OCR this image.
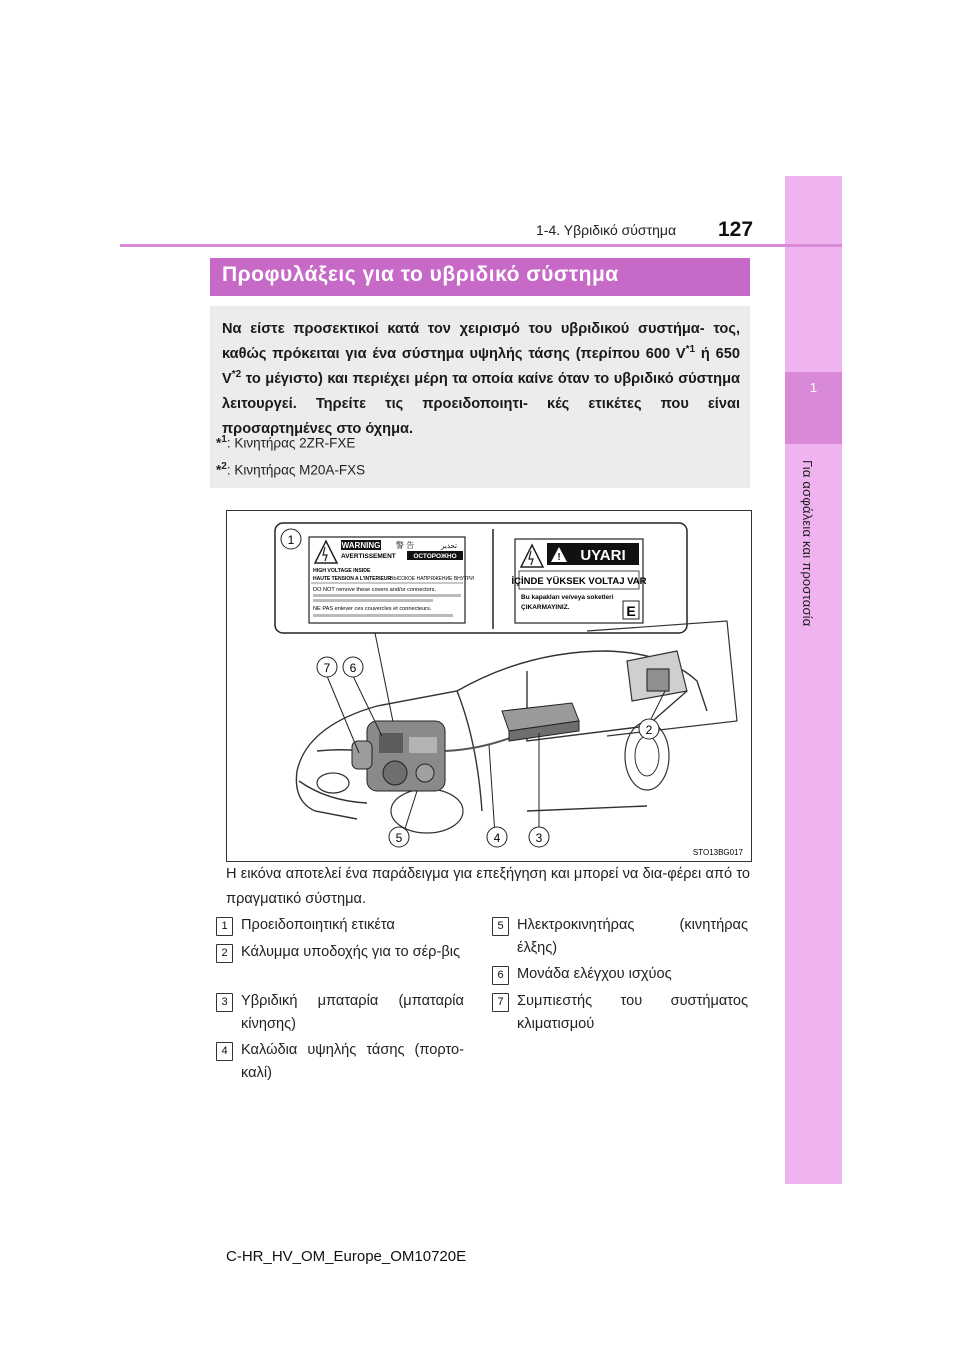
1
Για ασφάλεια και προστασία
1-4. Υβριδικό σύστημα 127
Προφυλάξεις για το υβριδικό σύστημα
Να είστε προσεκτικοί κατά τον χειρισμό του υβριδικού συστήμα- τος, καθώς πρόκειται για ένα σύστημα υψηλής τάσης (περίπου 600 $V^{*1}$ ή 650 $V^{*2}$ το μέγιστο) και περιέχει μέρη τα οποία καίνε όταν το υβριδικό σύστημα λειτουργεί. Τηρείτε τις προειδοποιητι- κές ετικέτες που είναι προσαρτημένες στο όχημα.
*$^1$: Κινητήρας 2ZR-FXE
*$^2$: Κινητήρας M20A-FXS
WARNING 警 告	تحذير
AVERTISSEMENT	ОСТОРОЖНО
HIGH VOLTAGE INSIDE
HAUTE TENSION A L'INTERIEUR
ВЫСОКОЕ НАПРЯЖЕНИЕ ВНУТРИ
DO NOT remove these covers and/or connectors.
NE PAS enlever ces couvercles et connecteurs.
! UYARI
İÇİNDE YÜKSEK VOLTAJ VAR
Bu kapakları ve/veya soketleri
ÇIKARMAYINIZ.	E
1
2
3
4
5
6
7
STO13BG017
Η εικόνα αποτελεί ένα παράδειγμα για επεξήγηση και μπορεί να δια-φέρει από το πραγματικό σύστημα.
1 Προειδοποιητική ετικέτα
2 Κάλυμμα υποδοχής για το σέρ-βις
3 Υβριδική μπαταρία (μπαταρία κίνησης)
4 Καλώδια υψηλής τάσης (πορτο-καλί)
5 Ηλεκτροκινητήρας (κινητήρας έλξης)
6 Μονάδα ελέγχου ισχύος
7 Συμπιεστής του συστήματος κλιματισμού
C-HR_HV_OM_Europe_OM10720E
